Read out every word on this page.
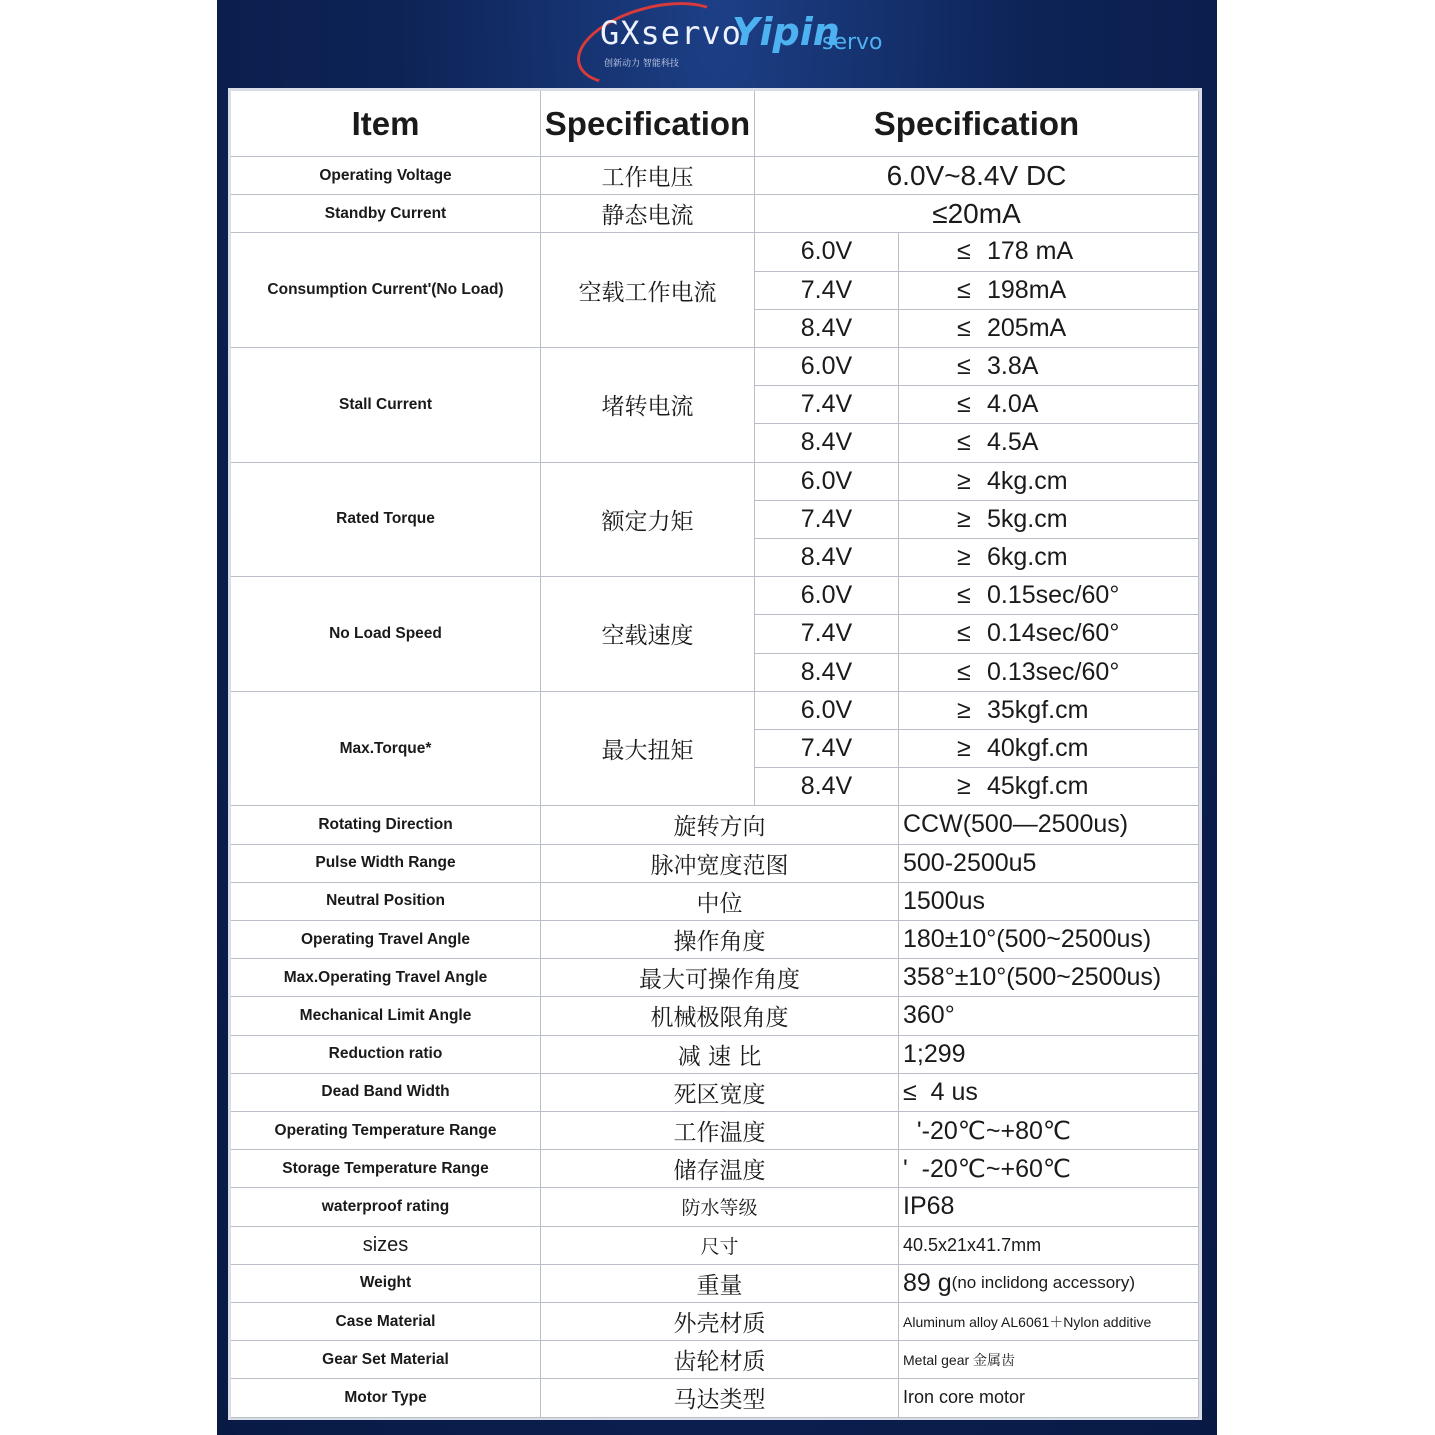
GXservo
创新动力 智能科技
Yipin
servo
Item	Specification	Specification
Operating Voltage	工作电压	6.0V~8.4V DC
Standby Current	静态电流	≤20mA
Consumption Current'(No Load)	空载工作电流
6.0V	≤ 178 mA
7.4V	≤ 198mA
8.4V	≤ 205mA
Stall Current	堵转电流
6.0V	≤ 3.8A
7.4V	≤ 4.0A
8.4V	≤ 4.5A
Rated Torque	额定力矩
6.0V	≥ 4kg.cm
7.4V	≥ 5kg.cm
8.4V	≥ 6kg.cm
No Load Speed	空载速度
6.0V	≤ 0.15sec/60°
7.4V	≤ 0.14sec/60°
8.4V	≤ 0.13sec/60°
Max.Torque*	最大扭矩
6.0V	≥ 35kgf.cm
7.4V	≥ 40kgf.cm
8.4V	≥ 45kgf.cm
Rotating Direction	旋转方向	CCW(500—2500us)
Pulse Width Range	脉冲宽度范图	500-2500u5
Neutral Position	中位	1500us
Operating Travel Angle	操作角度	180±10°(500~2500us)
Max.Operating Travel Angle	最大可操作角度	358°±10°(500~2500us)
Mechanical Limit Angle	机械极限角度	360°
Reduction ratio	减 速 比	1;299
Dead Band Width	死区宽度	≤  4 us
Operating Temperature Range	工作温度	'-20℃~+80℃
Storage Temperature Range	储存温度	'  -20℃~+60℃
waterproof rating	防水等级	IP68
sizes	尺寸	40.5x21x41.7mm
Weight	重量	89 g (no inclidong accessory)
Case Material	外壳材质	Aluminum alloy AL6061＋Nylon additive
Gear Set Material	齿轮材质	Metal gear 金属齿
Motor Type	马达类型	Iron core motor
